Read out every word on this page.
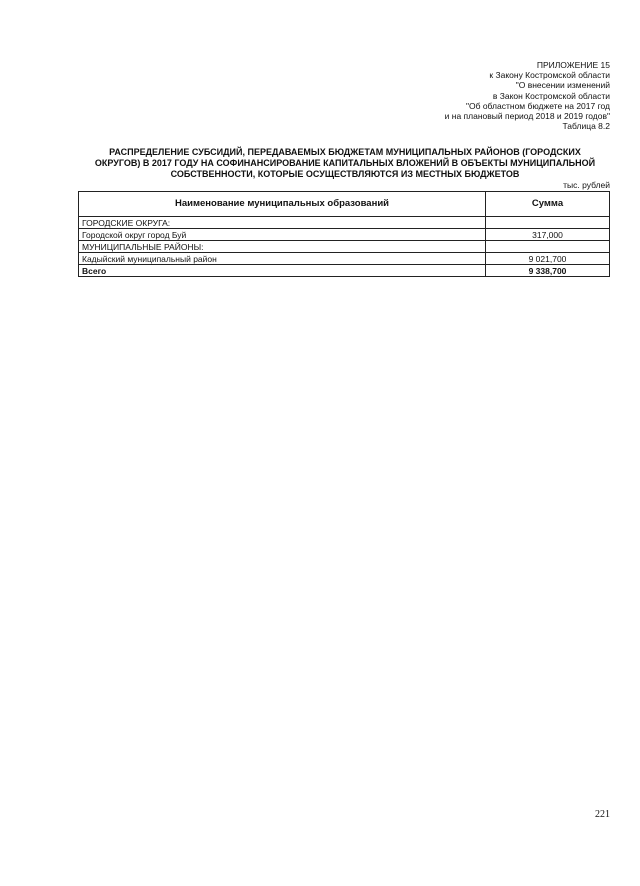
ПРИЛОЖЕНИЕ 15
к Закону Костромской области
"О внесении изменений
в Закон Костромской области
"Об областном бюджете на 2017 год
и на плановый период 2018 и 2019 годов"
Таблица 8.2
РАСПРЕДЕЛЕНИЕ СУБСИДИЙ, ПЕРЕДАВАЕМЫХ БЮДЖЕТАМ МУНИЦИПАЛЬНЫХ РАЙОНОВ (ГОРОДСКИХ
ОКРУГОВ) В 2017 ГОДУ НА СОФИНАНСИРОВАНИЕ КАПИТАЛЬНЫХ ВЛОЖЕНИЙ В ОБЪЕКТЫ МУНИЦИПАЛЬНОЙ
СОБСТВЕННОСТИ, КОТОРЫЕ ОСУЩЕСТВЛЯЮТСЯ ИЗ МЕСТНЫХ БЮДЖЕТОВ
тыс. рублей
Наименование муниципальных образований	Сумма
ГОРОДСКИЕ ОКРУГА:	
Городской округ город Буй	317,000
МУНИЦИПАЛЬНЫЕ РАЙОНЫ:	
Кадыйский муниципальный район	9 021,700
Всего	9 338,700
221
